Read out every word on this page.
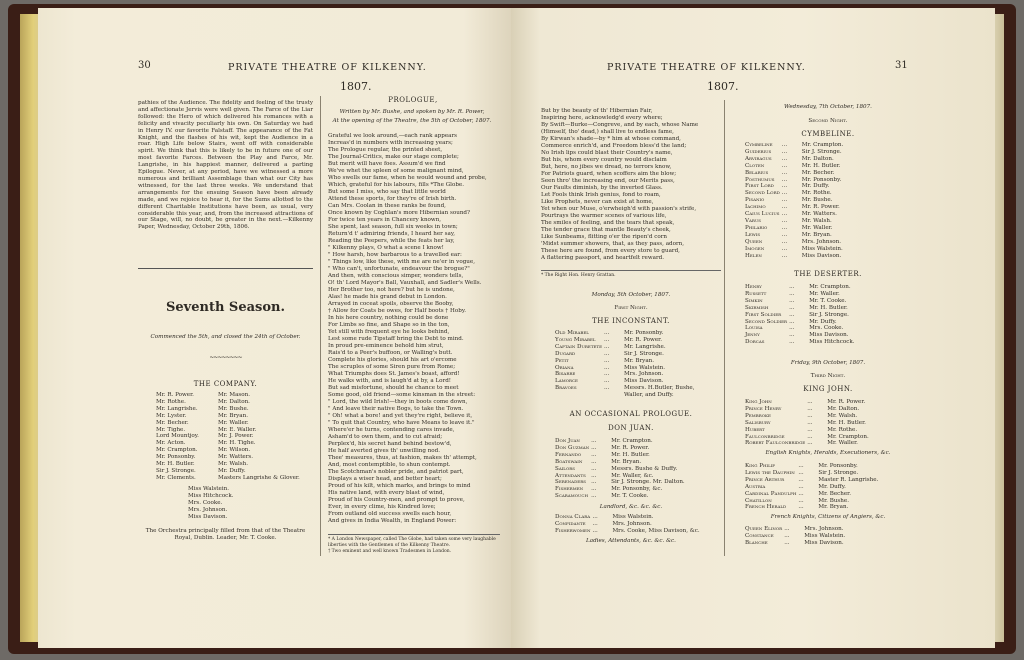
30	PRIVATE THEATRE OF KILKENNY.
1807.
pathies of the Audience. The fidelity and feeling of the trusty and affectionate Jervis were well given. The Farce of the Liar followed: the Hero of which delivered his romances with a felicity and vivacity peculiarly his own. On Saturday we had in Henry IV. our favorite Falstaff. The appearance of the Fat Knight, and the flashes of his wit, kept the Audience in a roar. High Life below Stairs, went off with considerable spirit. We think that this is likely to be in future one of our most favorite Farces. Between the Play and Farce, Mr. Langrishe, in his happiest manner, delivered a parting Epilogue. Never, at any period, have we witnessed a more numerous and brilliant Assemblage than what our City has witnessed, for the last three weeks. We understand that arrangements for the ensuing Season have been already made, and we rejoice to hear it, for the Sums allotted to the different Charitable Institutions have been, as usual, very considerable this year, and, from the increased attractions of our Stage, will, no doubt, be greater in the next.—Kilkenny Paper, Wednesday, October 29th, 1806.
Seventh Season.
Commenced the 5th, and closed the 24th of October.
~~~~~~~~
THE COMPANY.
Mr. R. Power.
Mr. Rothe.
Mr. Langrishe.
Mr. Lyster.
Mr. Becher.
Mr. Tighe.
Lord Mountjoy.
Mr. Acton.
Mr. Crampton.
Mr. Ponsonby.
Mr. H. Butler.
Sir J. Stronge.
Mr. Clements.
Mr. Mason.
Mr. Dalton.
Mr. Bushe.
Mr. Bryan.
Mr. Waller.
Mr. E. Waller.
Mr. J. Power.
Mr. H. Tighe.
Mr. Wilson.
Mr. Watters.
Mr. Walsh.
Mr. Duffy.
Masters Langrishe & Glover.
Miss Walstein.
Miss Hitchcock.
Mrs. Cooke.
Mrs. Johnson.
Miss Davison.
The Orchestra principally filled from that of the Theatre Royal, Dublin. Leader, Mr. T. Cooke.
PROLOGUE,
Written by Mr. Bushe, and spoken by Mr. R. Power,
At the opening of the Theatre, the 5th of October, 1807.
Grateful we look around,—each rank appears
Increas'd in numbers with increasing years;
The Prologue regular, the printed sheet,
The Journal-Critics, make our stage complete;
But merit will have foes. Assum'd we find
We've whet the spleen of some malignant mind,
Who swells our fame, when he would wound and probe,
Which, grateful for his labours, fills *The Globe.
But some I miss, who say that little world
Attend these sports, for they're of Irish birth.
Can Mrs. Coolan in these ranks be found,
Once known by Coghlan's more Hibernian sound?
For twice ten years in Chancery known,
She spent, last season, full six weeks in town;
Return'd t' admiring friends, I heard her say,
Reading the Peepers, while the feats her lay,
" Kilkenny plays, O what a scene I know!
" How harsh, how barbarous to a travelled ear:
" Things low, like these, with me are ne'er in vogue,
" Who can't, unfortunate, endeavour the brogue?"
And then, with conscious simper, wonders tells,
O! th' Lord Mayor's Ball, Vauxhall, and Sadler's Wells.
Her Brother too, not here? but he is undone,
Alas! he made his grand debut in London.
Arrayed in coceat spoils, observe the Booby,
† Allow for Coats be owes, for Half boots † Hoby.
In his here country, nothing could be done
For Limbs so fine, and Shape so in the ton,
Yet still with frequent eye he looks behind,
Lest some rude Tipstaff bring the Debt to mind.
In proud pre-eminence behold him strut,
Rais'd to a Peer's buffoon, or Walling's butt.
Complete his glories, should his art o'ercome
The scruples of some Siren pure from Rome;
What Triumphs does St. James's boast, afford!
He walks with, and is laugh'd at by, a Lord!
But sad misfortune, should he chance to meet
Some good, old friend—some kinsman in the street:
" Lord, the wild Irish!—they in boots come down,
" And leave their native Bogs, to take the Town.
" Oh! what a bore! and yet they're right, believe it,
" To quit that Country, who have Means to leave it."
Where'er he turns, contending cares invade,
Asham'd to own them, and to cut afraid;
Perplex'd, his secret hand behind bestow'd,
He half averted gives th' unwilling nod.
Thee' measures, thus, at fashion, makes th' attempt,
And, most contemptible, to shun contempt.
The Scotchman's nobler pride, and patriot part,
Displays a wiser head, and better heart;
Proud of his kilt, which marks, and brings to mind
His native land, with every blast of wind,
Proud of his Country-men, and prompt to prove,
Ever, in every clime, his Kindred love;
From outland old success swells each hour,
And gives in India Wealth, in England Power:
* A London Newspaper, called The Globe, had taken some very laughable liberties with the Gentlemen of the Kilkenny Theatre.
† Two eminent and well known Tradesmen in London.
PRIVATE THEATRE OF KILKENNY.	31
1807.
But by the beauty of th' Hibernian Fair,
Inspiring here, acknowledg'd every where;
By Swift—Burke—Congreve, and by each, whose Name
(Himself, tho' dead,) shall live to endless fame,
By Kirwan's shade—by * him at whose command,
Commerce enrich'd, and Freedom bless'd the land;
No Irish lips could blast their Country's name,
But his, whom every country would disclaim
But, here, no jibes we dread, no terrors know,
For Patriots guard, when scoffers aim the blow;
Seen thro' the increasing end, our Merits pass,
Our Faults diminish, by the inverted Glass.
Let Fools think Irish genius, fond to roam,
Like Prophets, never can exist at home,
Yet when our Muse, o'erwheigh'd with passion's strife,
Pourtrays the warmer scenes of various life,
The smiles of feeling, and the tears that speak,
The tender grace that mantle Beauty's cheek,
Like Sunbeams, flitting o'er the ripen'd corn
'Midst summer showers, that, as they pass, adorn,
These here are found, from every store to guard,
A flattering passport, and heartfelt reward.
* The Right Hon. Henry Grattan.
Monday, 5th October, 1807.
First Night.
THE INCONSTANT.
Old Mirabel	...	Mr. Ponsonby.
Young Mirabel	...	Mr. R. Power.
Captain Duretete ...	Mr. Langrishe.
Dugard	...	Sir J. Stronge.
Petit	...	Mr. Bryan.
Oriana	...	Miss Walstein.
Bisarre	...	Mrs. Johnson.
Lamorce	...	Miss Davison.
Bravoes	...	Messrs. H.Butler, Bushe, Waller, and Duffy.
AN OCCASIONAL PROLOGUE.
DON JUAN.
Don Juan	...	Mr. Crampton.
Don Guzman ...	Mr. R. Power.
Fernando	...	Mr. H. Butler.
Boatswain	...	Mr. Bryan.
Sailors	...	Messrs. Bushe & Duffy.
Attendants ...	Mr. Waller, &c.
Serenaders ...	Sir J. Stronge. Mr. Dalton.
Fishermen	...	Mr. Ponsonby, &c.
Scaramouch ...	Mr. T. Cooke.
Landlord, &c. &c. &c.
Donna Clara ...	Miss Walstein.
Confidante	...	Mrs. Johnson.
Fisherwomen ...	Mrs. Cooke, Miss Davison, &c.
Ladies, Attendants, &c. &c. &c.
Wednesday, 7th October, 1807.
Second Night.
CYMBELINE.
Cymbeline	...	Mr. Crampton.
Guiderius	...	Sir J. Stronge.
Arviragus	...	Mr. Dalton.
Cloten	...	Mr. H. Butler.
Belarius	...	Mr. Becher.
Posthumus	...	Mr. Ponsonby.
First Lord	...	Mr. Duffy.
Second Lord ...	Mr. Rothe.
Pisanio	...	Mr. Bushe.
Iachimo	...	Mr. R. Power.
Caius Lucius ...	Mr. Watters.
Varus	...	Mr. Walsh.
Philario	...	Mr. Waller.
Lewis	...	Mr. Bryan.
Queen	...	Mrs. Johnson.
Imogen	...	Miss Walstein.
Helen	...	Miss Davison.
THE DESERTER.
Henry	...	Mr. Crampton.
Russett	...	Mr. Waller.
Simkin	...	Mr. T. Cooke.
Skirmish	...	Mr. H. Butler.
First Soldier	...	Sir J. Stronge.
Second Soldier ...	Mr. Duffy.
Louisa	...	Mrs. Cooke.
Jenny	...	Miss Davison.
Dorcas	...	Miss Hitchcock.
Friday, 9th October, 1807.
Third Night.
KING JOHN.
King John	...	Mr. R. Power.
Prince Henry	...	Mr. Dalton.
Pembroke	...	Mr. Walsh.
Salisbury	...	Mr. H. Butler.
Hubert	...	Mr. Rothe.
Faulconbridge	...	Mr. Crampton.
Robert Faulconbridge ...	Mr. Waller.
English Knights, Heralds, Executioners, &c.
King Philip	...	Mr. Ponsonby.
Lewis the Dauphin ...	Sir J. Stronge.
Prince Arthur	...	Master R. Langrishe.
Austria	...	Mr. Duffy.
Cardinal Pandulph ...	Mr. Becher.
Chatillon	...	Mr. Bushe.
French Herald	...	Mr. Bryan.
French Knights, Citizens of Angiers, &c.
Queen Elinor ...	Mrs. Johnson.
Constance	...	Miss Walstein.
Blanche	...	Miss Davison.
